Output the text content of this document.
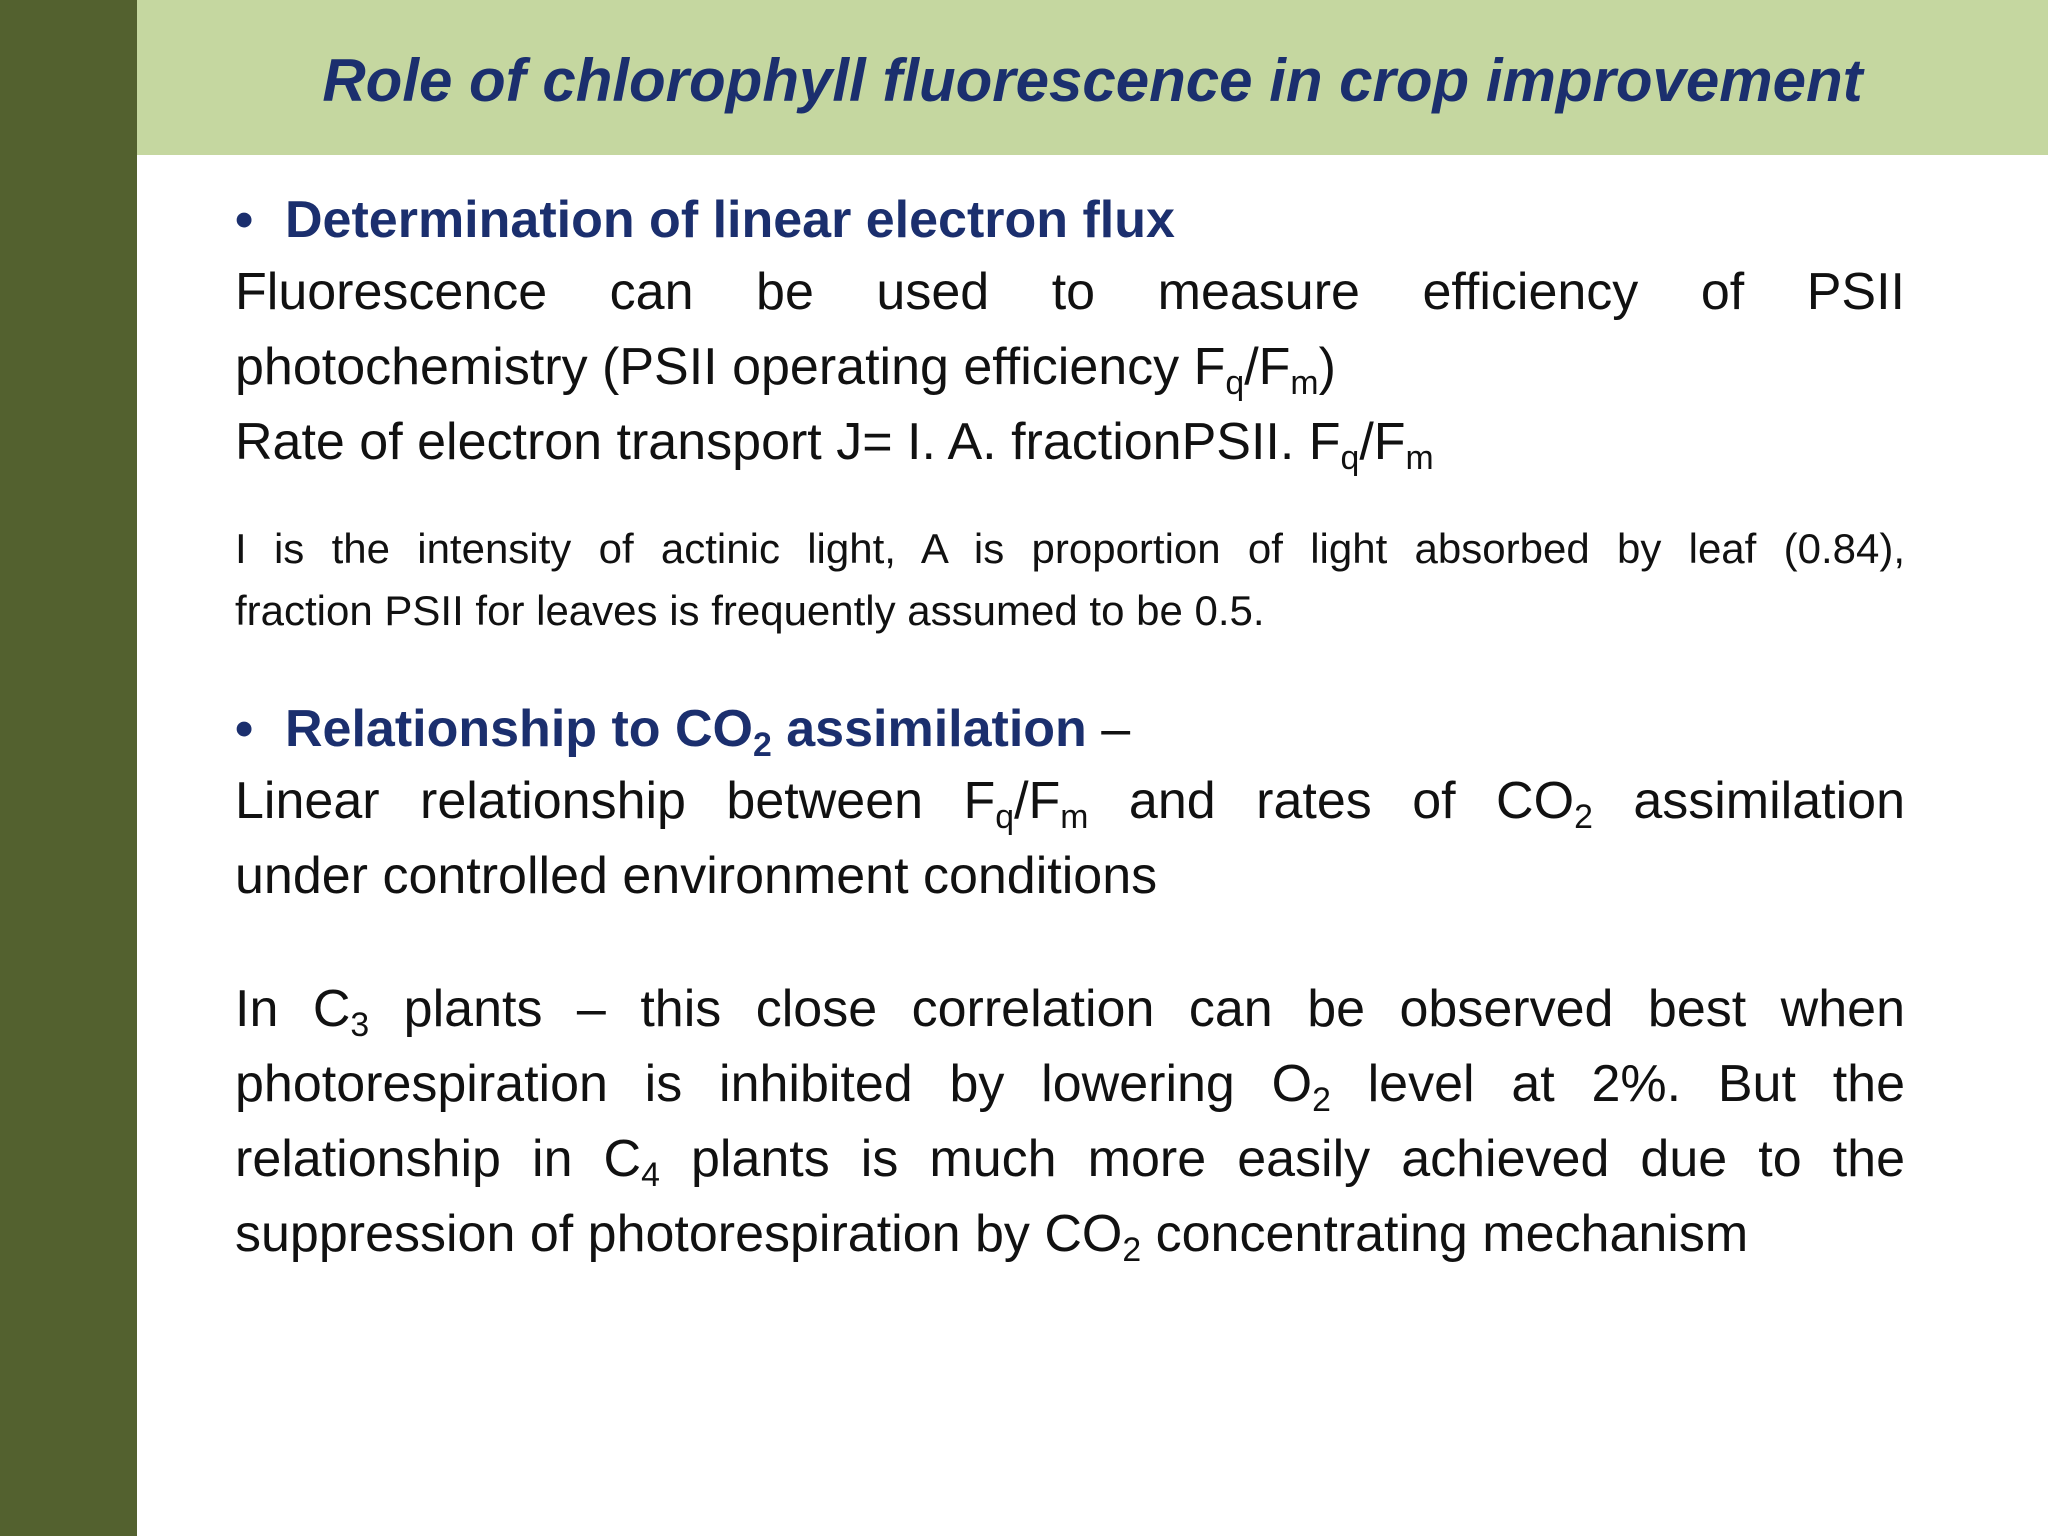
Role of chlorophyll fluorescence in crop improvement
• Determination of linear electron flux
Fluorescence can be used to measure efficiency of PSII
photochemistry (PSII operating efficiency $F_q/F_m$)
Rate of electron transport J= I. A. fractionPSII. $F_q/F_m$
I is the intensity of actinic light, A is proportion of light absorbed by leaf (0.84),
fraction PSII for leaves is frequently assumed to be 0.5.
• Relationship to $CO_2$ assimilation –
Linear relationship between $F_q/F_m$ and rates of $CO_2$ assimilation
under controlled environment conditions
In $C_3$ plants – this close correlation can be observed best when
photorespiration is inhibited by lowering $O_2$ level at 2%. But the
relationship in $C_4$ plants is much more easily achieved due to the
suppression of photorespiration by $CO_2$ concentrating mechanism
